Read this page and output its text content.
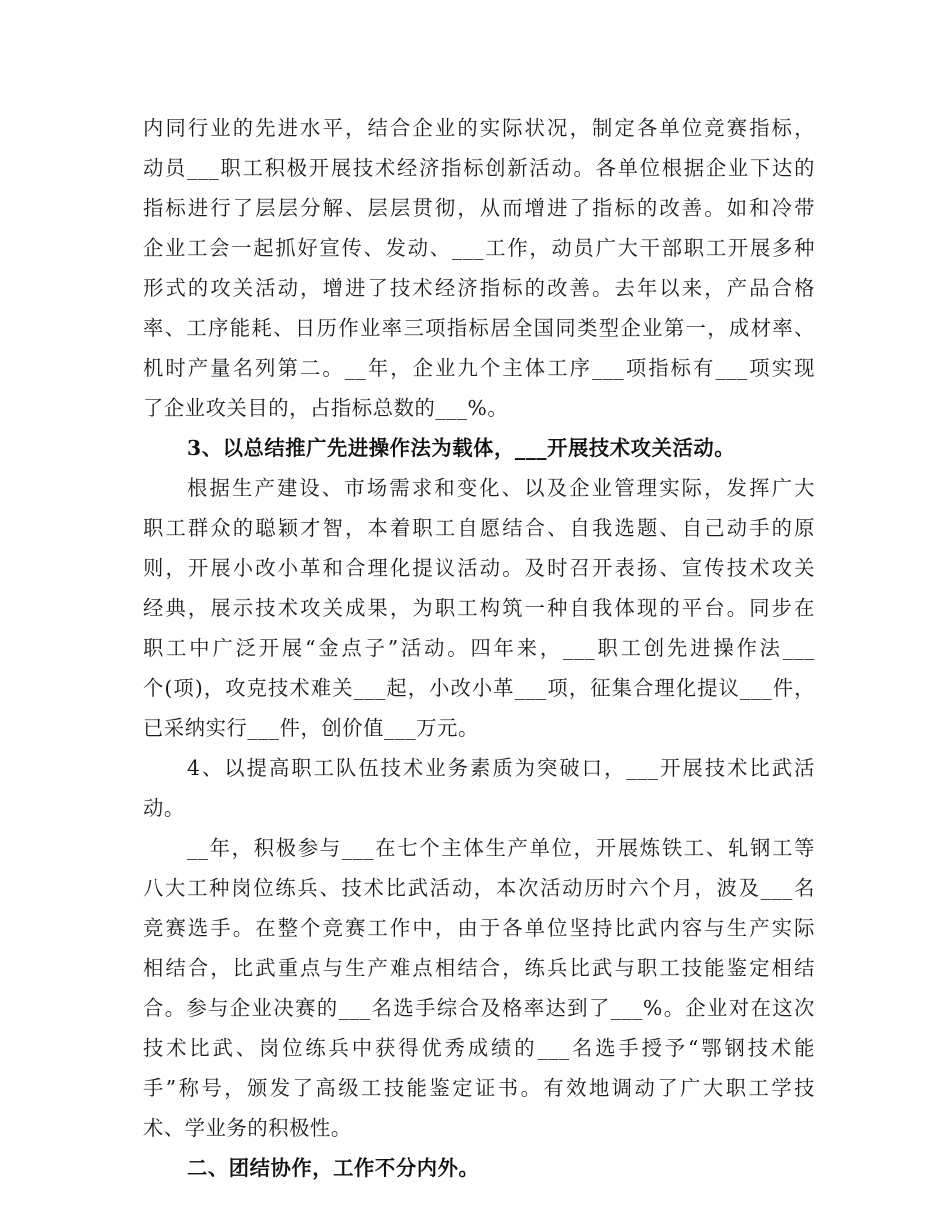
内同行业的先进水平，结合企业的实际状况，制定各单位竞赛指标，
动员___职工积极开展技术经济指标创新活动。各单位根据企业下达的
指标进行了层层分解、层层贯彻，从而增进了指标的改善。如和冷带
企业工会一起抓好宣传、发动、___工作，动员广大干部职工开展多种
形式的攻关活动，增进了技术经济指标的改善。去年以来，产品合格
率、工序能耗、日历作业率三项指标居全国同类型企业第一，成材率、
机时产量名列第二。__年，企业九个主体工序___项指标有___项实现
了企业攻关目的，占指标总数的___%。
3、以总结推广先进操作法为载体，___开展技术攻关活动。
根据生产建设、市场需求和变化、以及企业管理实际，发挥广大
职工群众的聪颖才智，本着职工自愿结合、自我选题、自己动手的原
则，开展小改小革和合理化提议活动。及时召开表扬、宣传技术攻关
经典，展示技术攻关成果，为职工构筑一种自我体现的平台。同步在
职工中广泛开展“金点子”活动。四年来，___职工创先进操作法___
个(项)，攻克技术难关___起，小改小革___项，征集合理化提议___件，
已采纳实行___件，创价值___万元。
4、以提高职工队伍技术业务素质为突破口，___开展技术比武活
动。
__年，积极参与___在七个主体生产单位，开展炼铁工、轧钢工等
八大工种岗位练兵、技术比武活动，本次活动历时六个月，波及___名
竞赛选手。在整个竞赛工作中，由于各单位坚持比武内容与生产实际
相结合，比武重点与生产难点相结合，练兵比武与职工技能鉴定相结
合。参与企业决赛的___名选手综合及格率达到了___%。企业对在这次
技术比武、岗位练兵中获得优秀成绩的___名选手授予“鄂钢技术能
手”称号，颁发了高级工技能鉴定证书。有效地调动了广大职工学技
术、学业务的积极性。
二、团结协作，工作不分内外。
